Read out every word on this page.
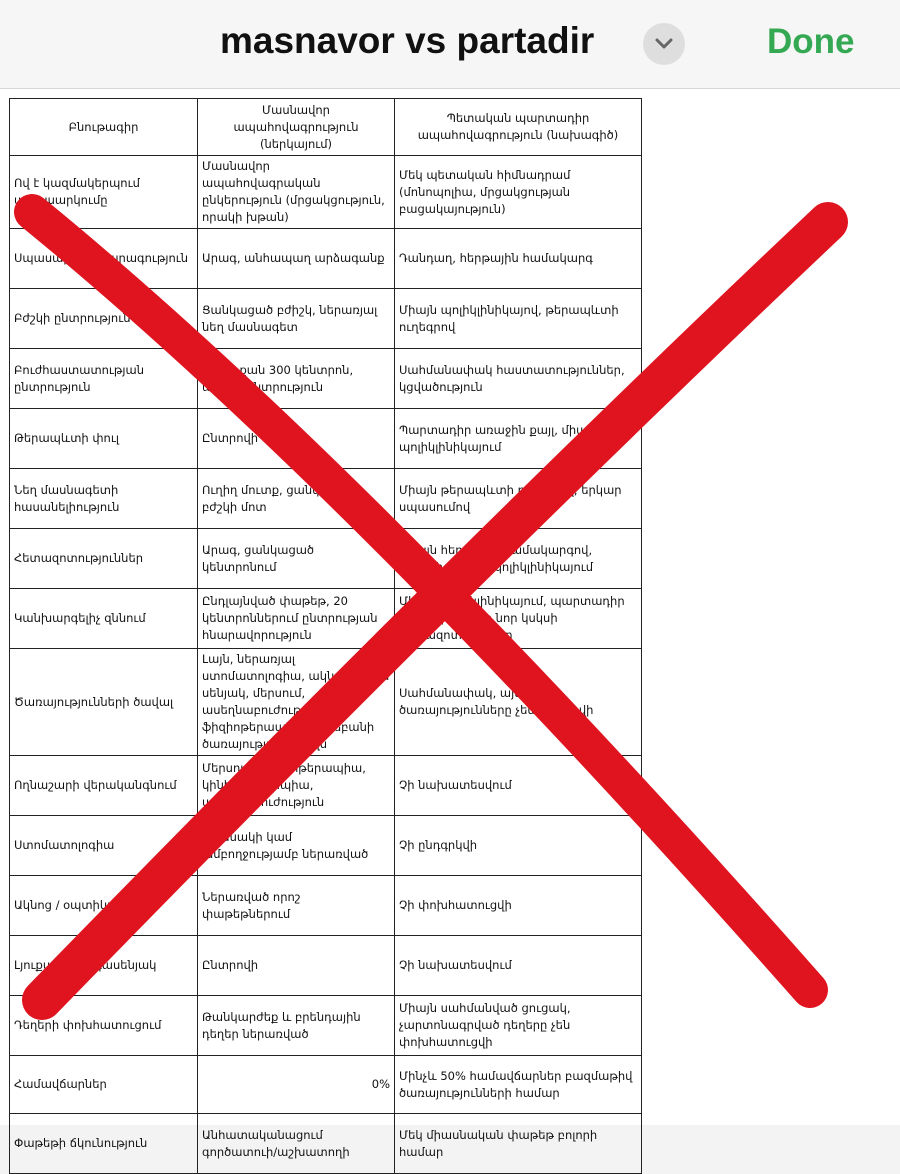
masnavor vs partadir	Done
Բնութագիր	Մասնավոր ապահովագրություն (ներկայում)	Պետական պարտադիր ապահովագրություն (նախագիծ)
Ով է կազմակերպում ապասարկումը	Մասնավոր ապահովագրական ընկերություն (մրցակցություն, որակի խթան)	Մեկ պետական հիմնադրամ (մոնոպոլիա, մրցակցության բացակայություն)
Սպասարկման արագություն	Արագ, անհապաղ արձագանք	Դանդաղ, հերթային համակարգ
Բժշկի ընտրություն	Ցանկացած բժիշկ, ներառյալ նեղ մասնագետ	Միայն պոլիկլինիկայով, թերապևտի ուղեգրով
Բուժհաստատության ընտրություն	Ավելի քան 300 կենտրոն, ազատ ընտրություն	Սահմանափակ հաստատություններ, կցվածություն
Թերապևտի փուլ	Ընտրովի	Պարտադիր առաջին քայլ, միայն պոլիկլինիկայում
Նեղ մասնագետի հասանելիություն	Ուղիղ մուտք, ցանկացած բժշկի մոտ	Միայն թերապևտի ուղեգրով, երկար սպասումով
Հետազոտություններ	Արագ, ցանկացած կենտրոնում	Միայն հերթային համակարգով, հաճախ միայն պոլիկլինիկայում
Կանխարգելիչ զննում	Ընդլայնված փաթեթ, 20 կենտրոններում ընտրության հնարավորություն	Միայն պոլիկլինիկայում, պարտադիր ուղեգրից հետո նոր կսկսի հետազոտությունը
Ծառայությունների ծավալ	Լայն, ներառյալ ստոմատոլոգիա, ակնոց, լյուքս սենյակ, մերսում, ասեղնաբուժություն, ֆիզիոթերապիա, հոգեբանի ծառայություն և այլն	Սահմանափակ, այս ծառայությունները չեն ներառվի
Ողնաշարի վերականգնում	Մերսում, ֆիզիոթերապիա, կինեզոթերապիա, ասեղնաբուժություն	Չի նախատեսվում
Ստոմատոլոգիա	Մասնակի կամ ամբողջությամբ ներառված	Չի ընդգրկվի
Ակնոց / օպտիկա	Ներառված որոշ փաթեթներում	Չի փոխհատուցվի
Լյուքս հիվանդասենյակ	Ընտրովի	Չի նախատեսվում
Դեղերի փոխհատուցում	Թանկարժեք և բրենդային դեղեր ներառված	Միայն սահմանված ցուցակ, չարտոնագրված դեղերը չեն փոխհատուցվի
Համավճարներ	0%	Մինչև 50% համավճարներ բազմաթիվ ծառայությունների համար
Փաթեթի ճկունություն	Անհատականացում գործատուի/աշխատողի	Մեկ միասնական փաթեթ բոլորի համար
